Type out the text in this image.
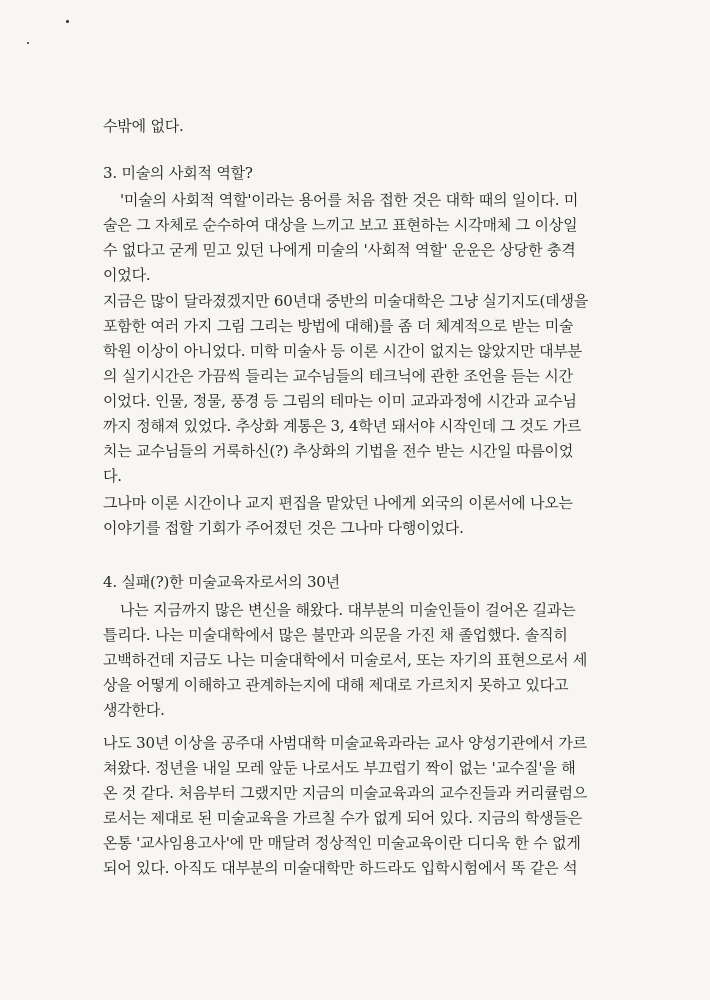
수밖에 없다.
3. 미술의 사회적 역할?
'미술의 사회적 역할'이라는 용어를 처음 접한 것은 대학 때의 일이다. 미
술은 그 자체로 순수하여 대상을 느끼고 보고 표현하는 시각매체 그 이상일
수 없다고 굳게 믿고 있던 나에게 미술의 '사회적 역할' 운운은 상당한 충격
이었다.
지금은 많이 달라졌겠지만 60년대 중반의 미술대학은 그냥 실기지도(데생을
포함한 여러 가지 그림 그리는 방법에 대해)를 좀 더 체계적으로 받는 미술
학원 이상이 아니었다. 미학 미술사 등 이론 시간이 없지는 않았지만 대부분
의 실기시간은 가끔씩 들리는 교수님들의 테크닉에 관한 조언을 듣는 시간
이었다. 인물, 정물, 풍경 등 그림의 테마는 이미 교과과정에 시간과 교수님
까지 정해져 있었다. 추상화 계통은 3, 4학년 돼서야 시작인데 그 것도 가르
치는 교수님들의 거룩하신(?) 추상화의 기법을 전수 받는 시간일 따름이었
다.
그나마 이론 시간이나 교지 편집을 맡았던 나에게 외국의 이론서에 나오는
이야기를 접할 기회가 주어졌던 것은 그나마 다행이었다.
4. 실패(?)한 미술교육자로서의 30년
나는 지금까지 많은 변신을 해왔다. 대부분의 미술인들이 걸어온 길과는
틀리다. 나는 미술대학에서 많은 불만과 의문을 가진 채 졸업했다. 솔직히
고백하건데 지금도 나는 미술대학에서 미술로서, 또는 자기의 표현으로서 세
상을 어떻게 이해하고 관계하는지에 대해 제대로 가르치지 못하고 있다고
생각한다.
나도 30년 이상을 공주대 사범대학 미술교육과라는 교사 양성기관에서 가르
쳐왔다. 정년을 내일 모레 앞둔 나로서도 부끄럽기 짝이 없는 '교수질'을 해
온 것 같다. 처음부터 그랬지만 지금의 미술교육과의 교수진들과 커리큘럼으
로서는 제대로 된 미술교육을 가르칠 수가 없게 되어 있다. 지금의 학생들은
온통 '교사임용고사'에 만 매달려 정상적인 미술교육이란 디디욱 한 수 없게
되어 있다. 아직도 대부분의 미술대학만 하드라도 입학시험에서 똑 같은 석
